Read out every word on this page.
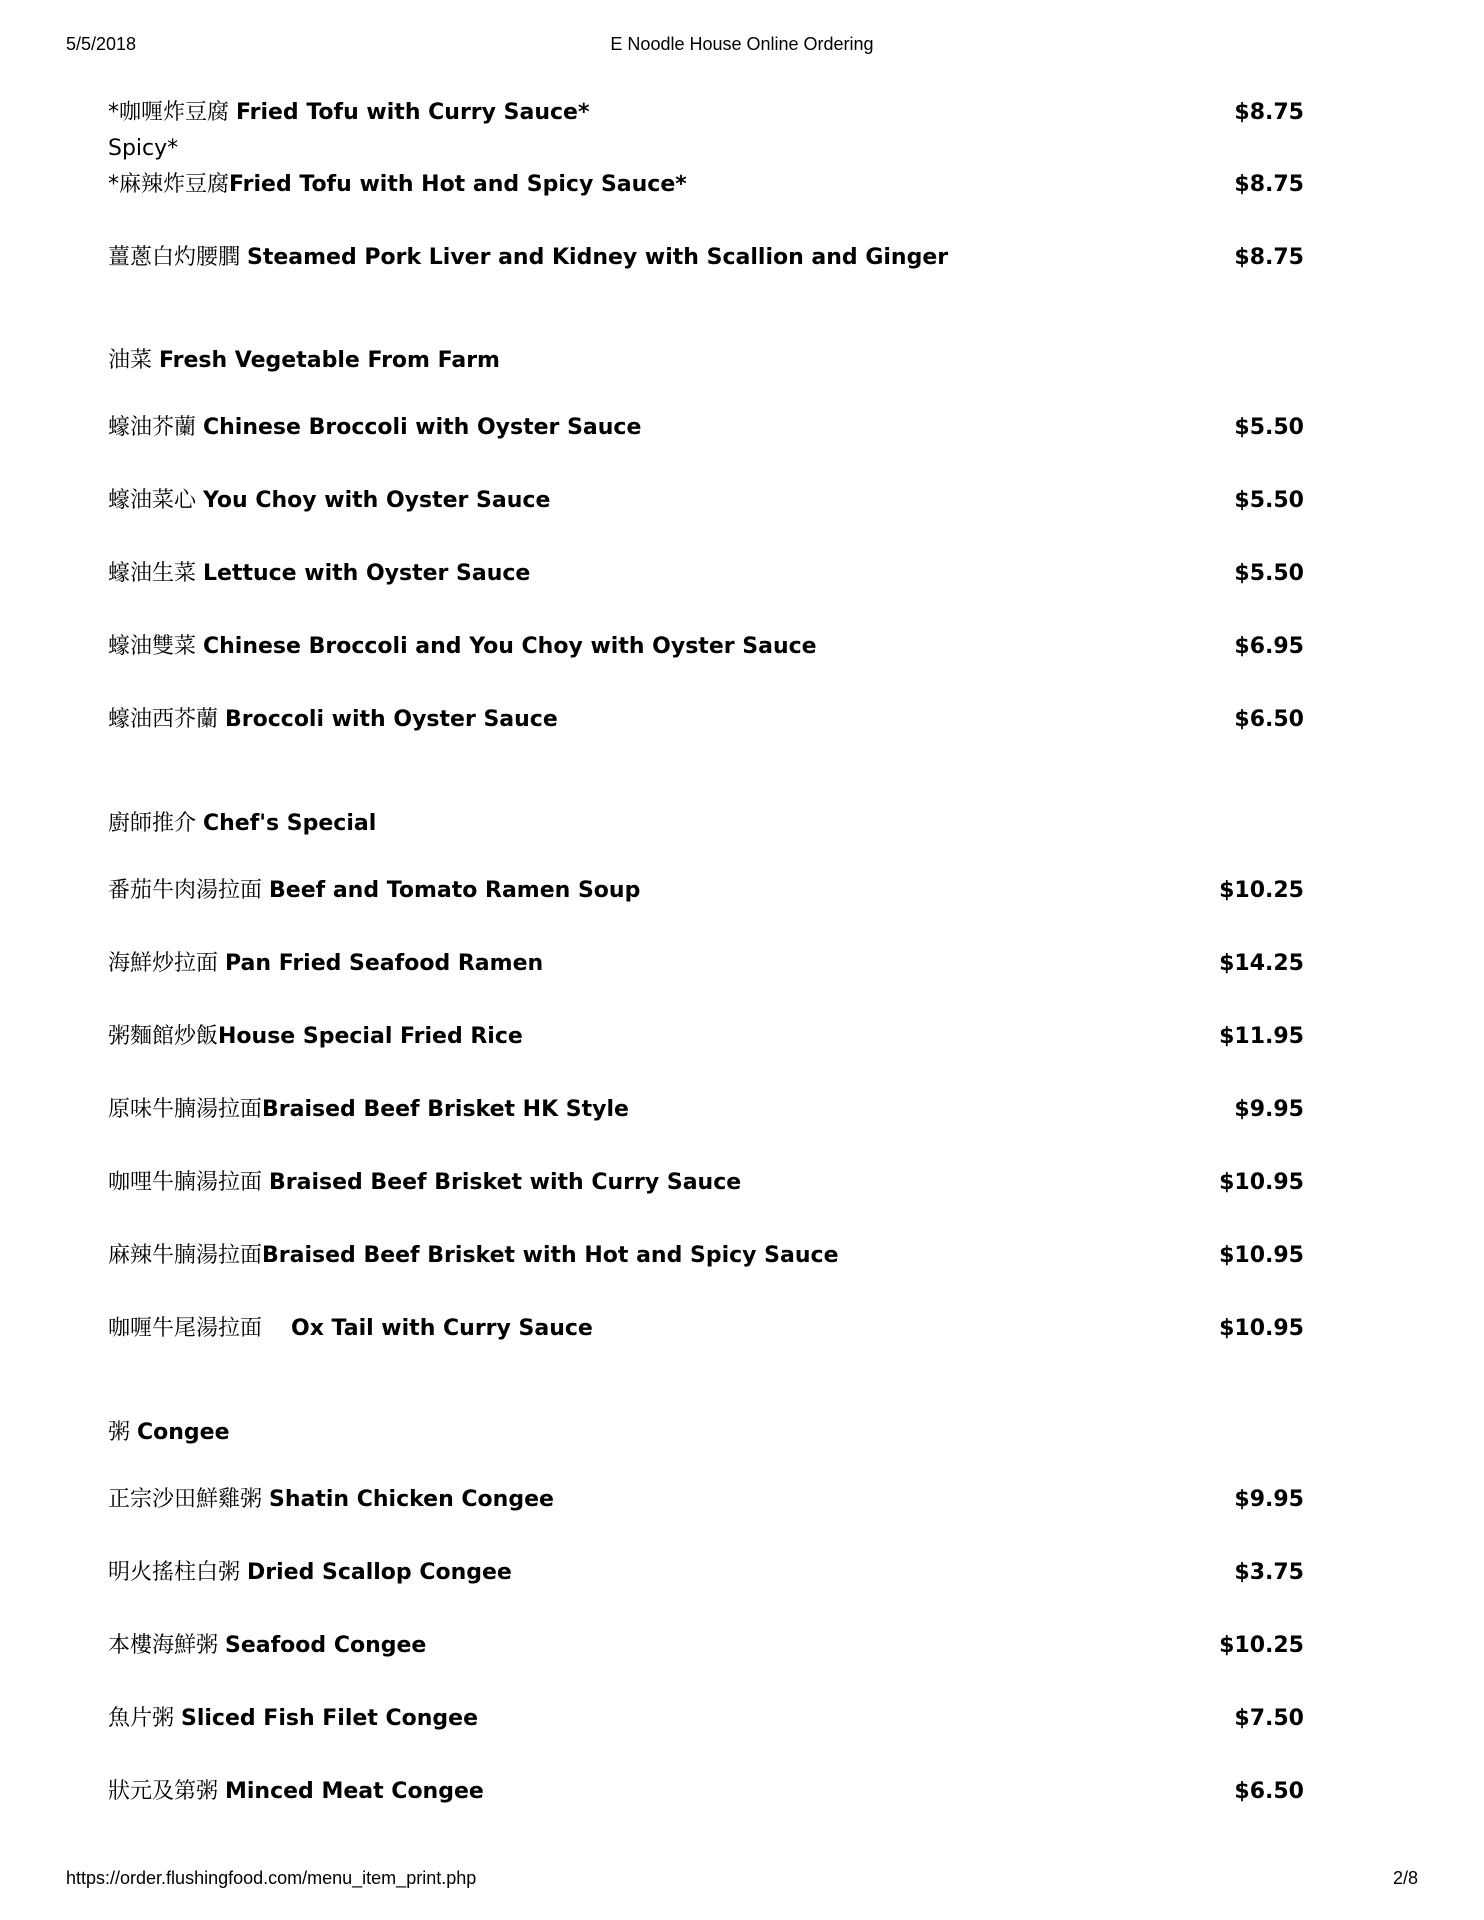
5/5/2018	E Noodle House Online Ordering
*咖喱炸豆腐 Fried Tofu with Curry Sauce*	$8.75
Spicy*
*麻辣炸豆腐Fried Tofu with Hot and Spicy Sauce*	$8.75
薑蔥白灼腰膶 Steamed Pork Liver and Kidney with Scallion and Ginger	$8.75
油菜 Fresh Vegetable From Farm
蠔油芥蘭 Chinese Broccoli with Oyster Sauce	$5.50
蠔油菜心 You Choy with Oyster Sauce	$5.50
蠔油生菜 Lettuce with Oyster Sauce	$5.50
蠔油雙菜 Chinese Broccoli and You Choy with Oyster Sauce	$6.95
蠔油西芥蘭 Broccoli with Oyster Sauce	$6.50
廚師推介 Chef's Special
番茄牛肉湯拉面 Beef and Tomato Ramen Soup	$10.25
海鮮炒拉面 Pan Fried Seafood Ramen	$14.25
粥麵館炒飯House Special Fried Rice	$11.95
原味牛腩湯拉面Braised Beef Brisket HK Style	$9.95
咖哩牛腩湯拉面 Braised Beef Brisket with Curry Sauce	$10.95
麻辣牛腩湯拉面Braised Beef Brisket with Hot and Spicy Sauce	$10.95
咖喱牛尾湯拉面　 Ox Tail with Curry Sauce	$10.95
粥 Congee
正宗沙田鮮雞粥 Shatin Chicken Congee	$9.95
明火搖柱白粥 Dried Scallop Congee	$3.75
本樓海鮮粥 Seafood Congee	$10.25
魚片粥 Sliced Fish Filet Congee	$7.50
狀元及第粥 Minced Meat Congee	$6.50
https://order.flushingfood.com/menu_item_print.php	2/8
